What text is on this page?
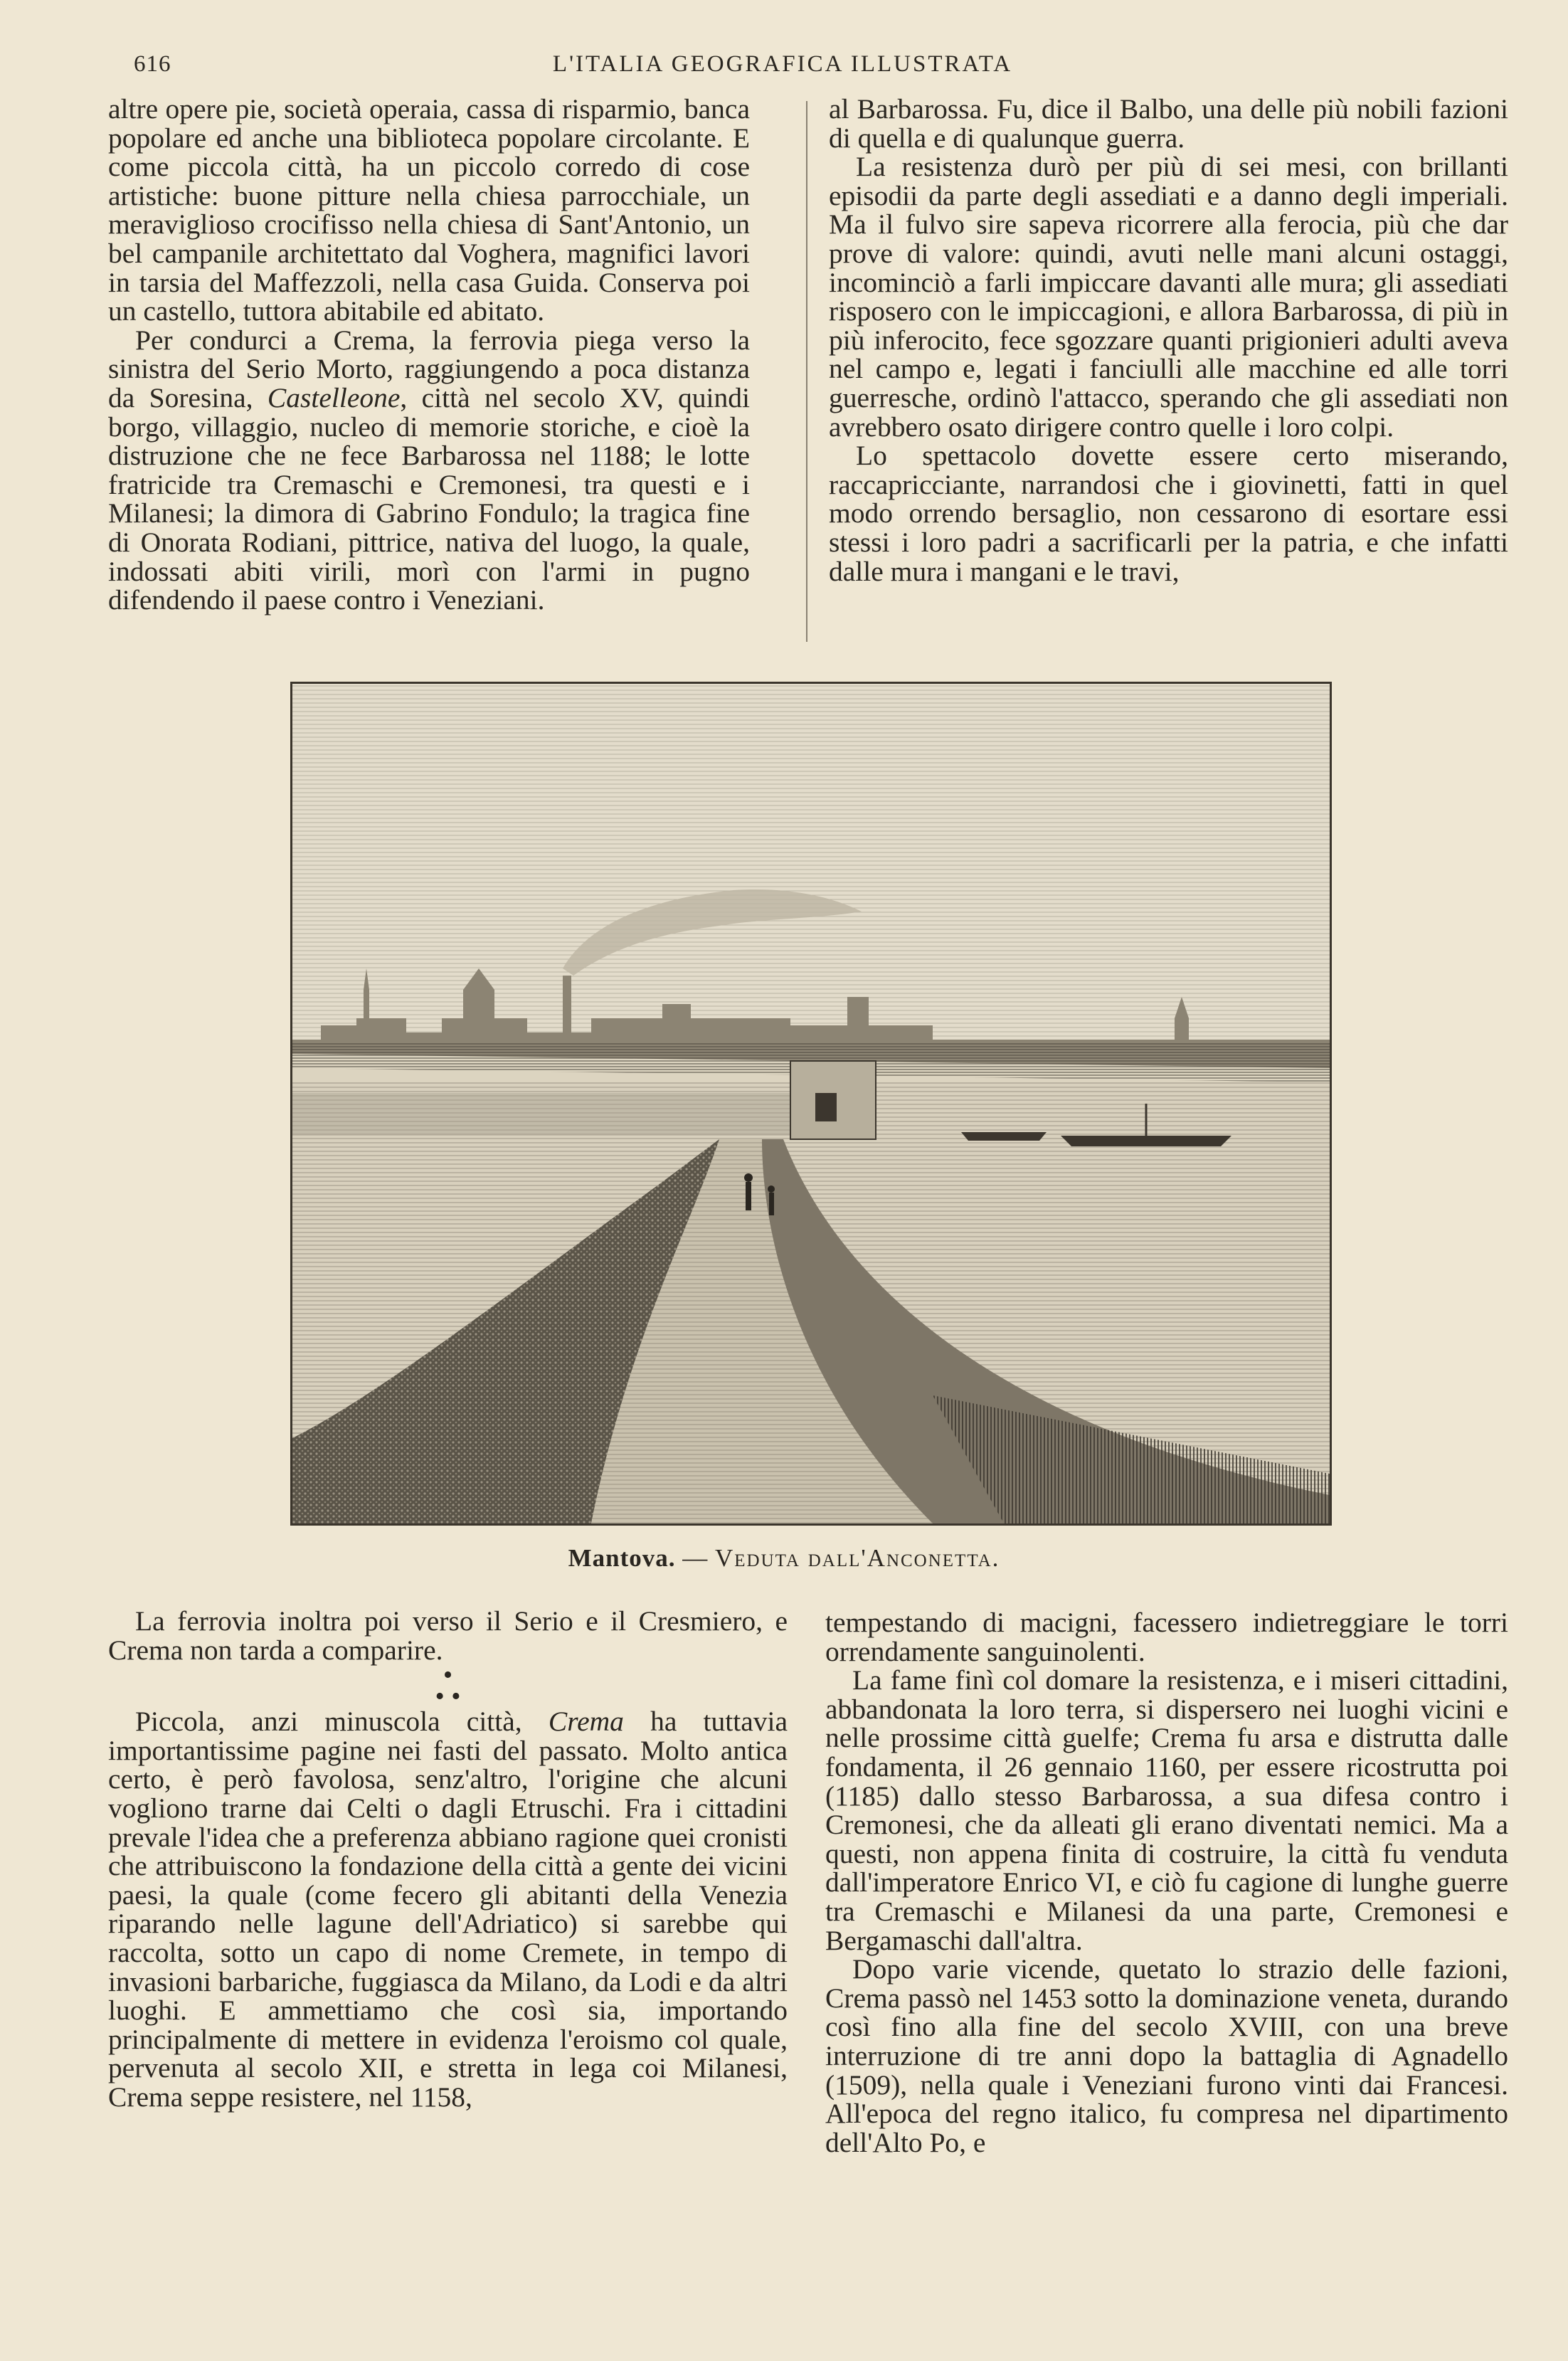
616	L'ITALIA GEOGRAFICA ILLUSTRATA

altre opere pie, società operaia, cassa di risparmio, banca popolare ed anche una biblioteca popolare circolante. E come piccola città, ha un piccolo corredo di cose artistiche: buone pitture nella chiesa parrocchiale, un meraviglioso crocifisso nella chiesa di Sant'Antonio, un bel campanile architettato dal Voghera, magnifici lavori in tarsia del Maffezzoli, nella casa Guida. Conserva poi un castello, tuttora abitabile ed abitato.

Per condurci a Crema, la ferrovia piega verso la sinistra del Serio Morto, raggiungendo a poca distanza da Soresina, Castelleone, città nel secolo XV, quindi borgo, villaggio, nucleo di memorie storiche, e cioè la distruzione che ne fece Barbarossa nel 1188; le lotte fratricide tra Cremaschi e Cremonesi, tra questi e i Milanesi; la dimora di Gabrino Fondulo; la tragica fine di Onorata Rodiani, pittrice, nativa del luogo, la quale, indossati abiti virili, morì con l'armi in pugno difendendo il paese contro i Veneziani.

al Barbarossa. Fu, dice il Balbo, una delle più nobili fazioni di quella e di qualunque guerra.

La resistenza durò per più di sei mesi, con brillanti episodii da parte degli assediati e a danno degli imperiali. Ma il fulvo sire sapeva ricorrere alla ferocia, più che dar prove di valore: quindi, avuti nelle mani alcuni ostaggi, incominciò a farli impiccare davanti alle mura; gli assediati risposero con le impiccagioni, e allora Barbarossa, di più in più inferocito, fece sgozzare quanti prigionieri adulti aveva nel campo e, legati i fanciulli alle macchine ed alle torri guerresche, ordinò l'attacco, sperando che gli assediati non avrebbero osato dirigere contro quelle i loro colpi.

Lo spettacolo dovette essere certo miserando, raccapricciante, narrandosi che i giovinetti, fatti in quel modo orrendo bersaglio, non cessarono di esortare essi stessi i loro padri a sacrificarli per la patria, e che infatti dalle mura i mangani e le travi,

Mantova. — Veduta dall'Anconetta.

La ferrovia inoltra poi verso il Serio e il Cresmiero, e Crema non tarda a comparire.

•
• •

Piccola, anzi minuscola città, Crema ha tuttavia importantissime pagine nei fasti del passato. Molto antica certo, è però favolosa, senz'altro, l'origine che alcuni vogliono trarne dai Celti o dagli Etruschi. Fra i cittadini prevale l'idea che a preferenza abbiano ragione quei cronisti che attribuiscono la fondazione della città a gente dei vicini paesi, la quale (come fecero gli abitanti della Venezia riparando nelle lagune dell'Adriatico) si sarebbe qui raccolta, sotto un capo di nome Cremete, in tempo di invasioni barbariche, fuggiasca da Milano, da Lodi e da altri luoghi. E ammettiamo che così sia, importando principalmente di mettere in evidenza l'eroismo col quale, pervenuta al secolo XII, e stretta in lega coi Milanesi, Crema seppe resistere, nel 1158,

tempestando di macigni, facessero indietreggiare le torri orrendamente sanguinolenti.

La fame finì col domare la resistenza, e i miseri cittadini, abbandonata la loro terra, si dispersero nei luoghi vicini e nelle prossime città guelfe; Crema fu arsa e distrutta dalle fondamenta, il 26 gennaio 1160, per essere ricostrutta poi (1185) dallo stesso Barbarossa, a sua difesa contro i Cremonesi, che da alleati gli erano diventati nemici. Ma a questi, non appena finita di costruire, la città fu venduta dall'imperatore Enrico VI, e ciò fu cagione di lunghe guerre tra Cremaschi e Milanesi da una parte, Cremonesi e Bergamaschi dall'altra.

Dopo varie vicende, quetato lo strazio delle fazioni, Crema passò nel 1453 sotto la dominazione veneta, durando così fino alla fine del secolo XVIII, con una breve interruzione di tre anni dopo la battaglia di Agnadello (1509), nella quale i Veneziani furono vinti dai Francesi. All'epoca del regno italico, fu compresa nel dipartimento dell'Alto Po, e
